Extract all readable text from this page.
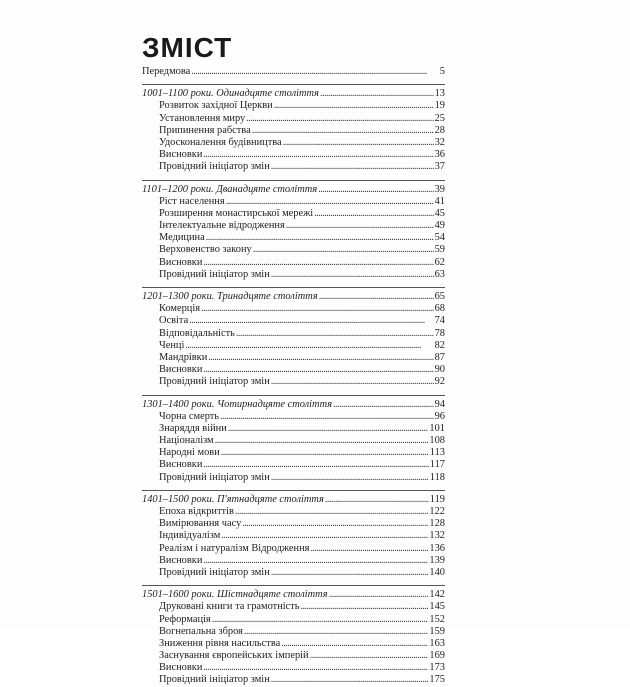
ЗМІСТ
Передмова . . .	5
1001–1100 роки. Одинадцяте століття . . .	13
Розвиток західної Церкви . . .	19
Установлення миру . . .	25
Припинення рабства . . .	28
Удосконалення будівництва . . .	32
Висновки . . .	36
Провідний ініціатор змін . . .	37
1101–1200 роки. Дванадцяте століття . . .	39
Ріст населення . . .	41
Розширення монастирської мережі . . .	45
Інтелектуальне відродження . . .	49
Медицина . . .	54
Верховенство закону . . .	59
Висновки . . .	62
Провідний ініціатор змін . . .	63
1201–1300 роки. Тринадцяте століття . . .	65
Комерція . . .	68
Освіта . . .	74
Відповідальність . . .	78
Ченці . . .	82
Мандрівки . . .	87
Висновки . . .	90
Провідний ініціатор змін . . .	92
1301–1400 роки. Чотирнадцяте століття . . .	94
Чорна смерть . . .	96
Знаряддя війни . . .	101
Націоналізм . . .	108
Народні мови . . .	113
Висновки . . .	117
Провідний ініціатор змін . . .	118
1401–1500 роки. П'ятнадцяте століття . . .	119
Епоха відкриттів . . .	122
Вимірювання часу . . .	128
Індивідуалізм . . .	132
Реалізм і натуралізм Відродження . . .	136
Висновки . . .	139
Провідний ініціатор змін . . .	140
1501–1600 роки. Шістнадцяте століття . . .	142
Друковані книги та грамотність . . .	145
Реформація . . .	152
Вогнепальна зброя . . .	159
Зниження рівня насильства . . .	163
Заснування європейських імперій . . .	169
Висновки . . .	173
Провідний ініціатор змін . . .	175
